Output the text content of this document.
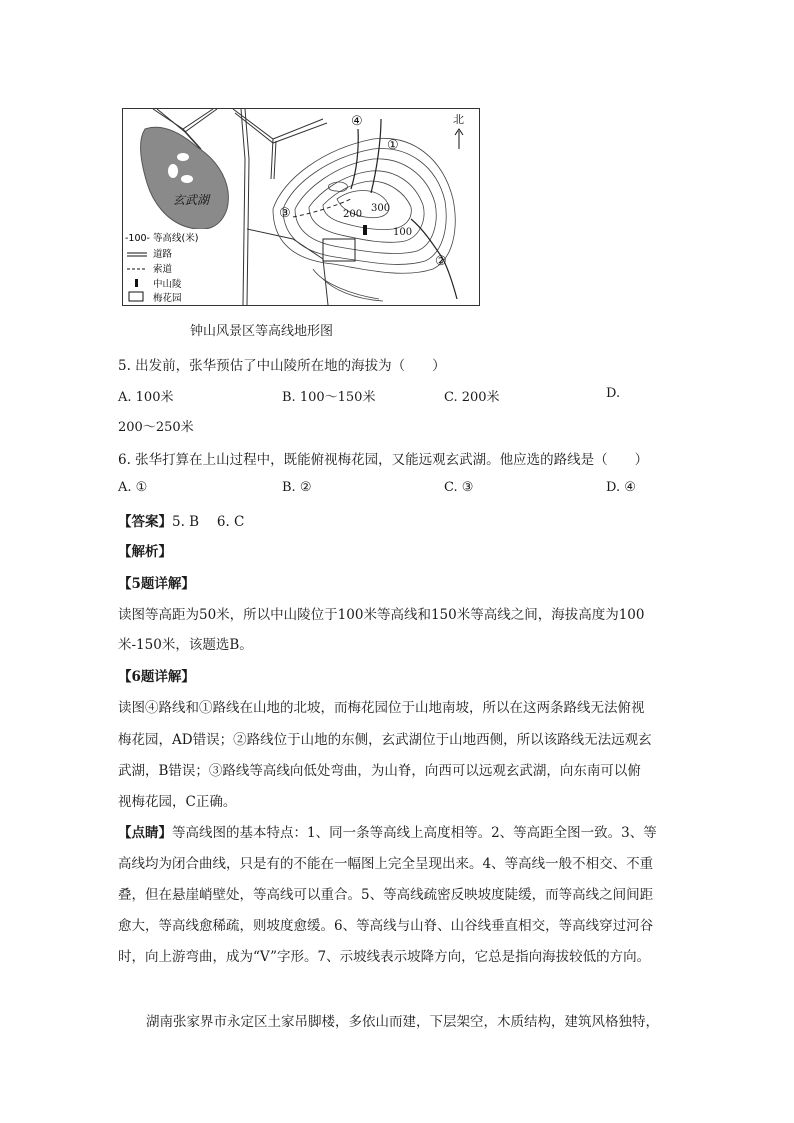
玄武湖
④
①
③
②
200
300
100
北
-100- 等高线(米)
道路
索道
中山陵
梅花园
钟山风景区等高线地形图
5. 出发前，张华预估了中山陵所在地的海拔为（　　）
A. 100米	B. 100～150米	C. 200米	D.
200～250米
6. 张华打算在上山过程中，既能俯视梅花园，又能远观玄武湖。他应选的路线是（　　）
A. ①	B. ②	C. ③	D. ④
【答案】5. B　 6. C
【解析】
【5题详解】
读图等高距为50米，所以中山陵位于100米等高线和150米等高线之间，海拔高度为100
米-150米，该题选B。
【6题详解】
读图④路线和①路线在山地的北坡，而梅花园位于山地南坡，所以在这两条路线无法俯视
梅花园，AD错误；②路线位于山地的东侧，玄武湖位于山地西侧，所以该路线无法远观玄
武湖，B错误；③路线等高线向低处弯曲，为山脊，向西可以远观玄武湖，向东南可以俯
视梅花园，C正确。
【点睛】等高线图的基本特点：1、同一条等高线上高度相等。2、等高距全图一致。3、等
高线均为闭合曲线，只是有的不能在一幅图上完全呈现出来。4、等高线一般不相交、不重
叠，但在悬崖峭壁处，等高线可以重合。5、等高线疏密反映坡度陡缓，而等高线之间间距
愈大，等高线愈稀疏，则坡度愈缓。6、等高线与山脊、山谷线垂直相交，等高线穿过河谷
时，向上游弯曲，成为“V”字形。7、示坡线表示坡降方向，它总是指向海拔较低的方向。
湖南张家界市永定区土家吊脚楼，多依山而建，下层架空，木质结构，建筑风格独特，
